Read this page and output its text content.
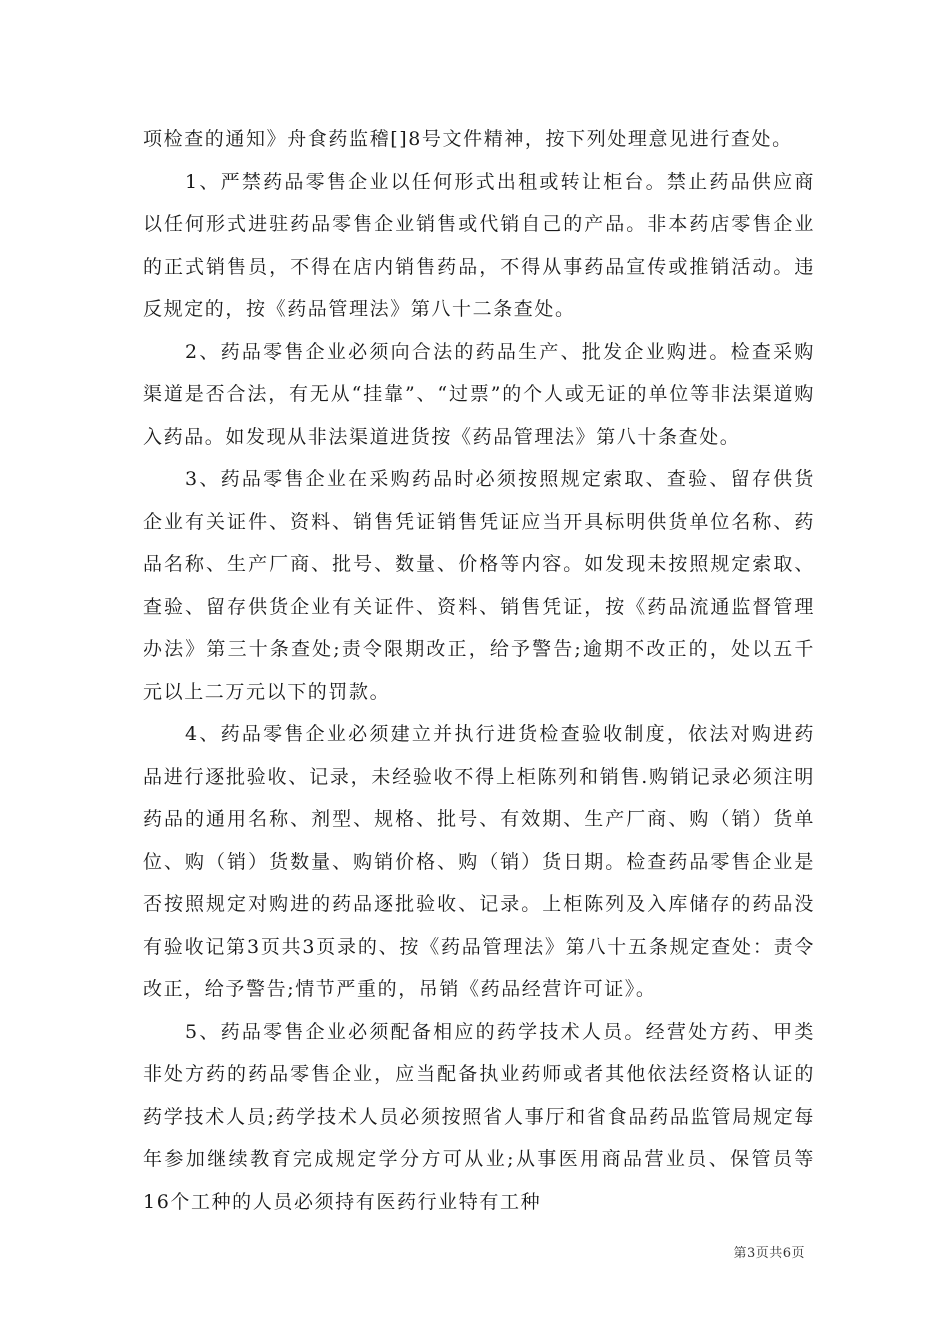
项检查的通知》舟食药监稽[]8号文件精神，按下列处理意见进行查处。

1、严禁药品零售企业以任何形式出租或转让柜台。禁止药品供应商以任何形式进驻药品零售企业销售或代销自己的产品。非本药店零售企业的正式销售员，不得在店内销售药品，不得从事药品宣传或推销活动。违反规定的，按《药品管理法》第八十二条查处。

2、药品零售企业必须向合法的药品生产、批发企业购进。检查采购渠道是否合法，有无从“挂靠”、“过票”的个人或无证的单位等非法渠道购入药品。如发现从非法渠道进货按《药品管理法》第八十条查处。

3、药品零售企业在采购药品时必须按照规定索取、查验、留存供货企业有关证件、资料、销售凭证销售凭证应当开具标明供货单位名称、药品名称、生产厂商、批号、数量、价格等内容。如发现未按照规定索取、查验、留存供货企业有关证件、资料、销售凭证，按《药品流通监督管理办法》第三十条查处;责令限期改正，给予警告;逾期不改正的，处以五千元以上二万元以下的罚款。

4、药品零售企业必须建立并执行进货检查验收制度，依法对购进药品进行逐批验收、记录，未经验收不得上柜陈列和销售.购销记录必须注明药品的通用名称、剂型、规格、批号、有效期、生产厂商、购（销）货单位、购（销）货数量、购销价格、购（销）货日期。检查药品零售企业是否按照规定对购进的药品逐批验收、记录。上柜陈列及入库储存的药品没有验收记第3页共3页录的、按《药品管理法》第八十五条规定查处：责令改正，给予警告;情节严重的，吊销《药品经营许可证》。

5、药品零售企业必须配备相应的药学技术人员。经营处方药、甲类非处方药的药品零售企业，应当配备执业药师或者其他依法经资格认证的药学技术人员;药学技术人员必须按照省人事厅和省食品药品监管局规定每年参加继续教育完成规定学分方可从业;从事医用商品营业员、保管员等16个工种的人员必须持有医药行业特有工种

第3页共6页
